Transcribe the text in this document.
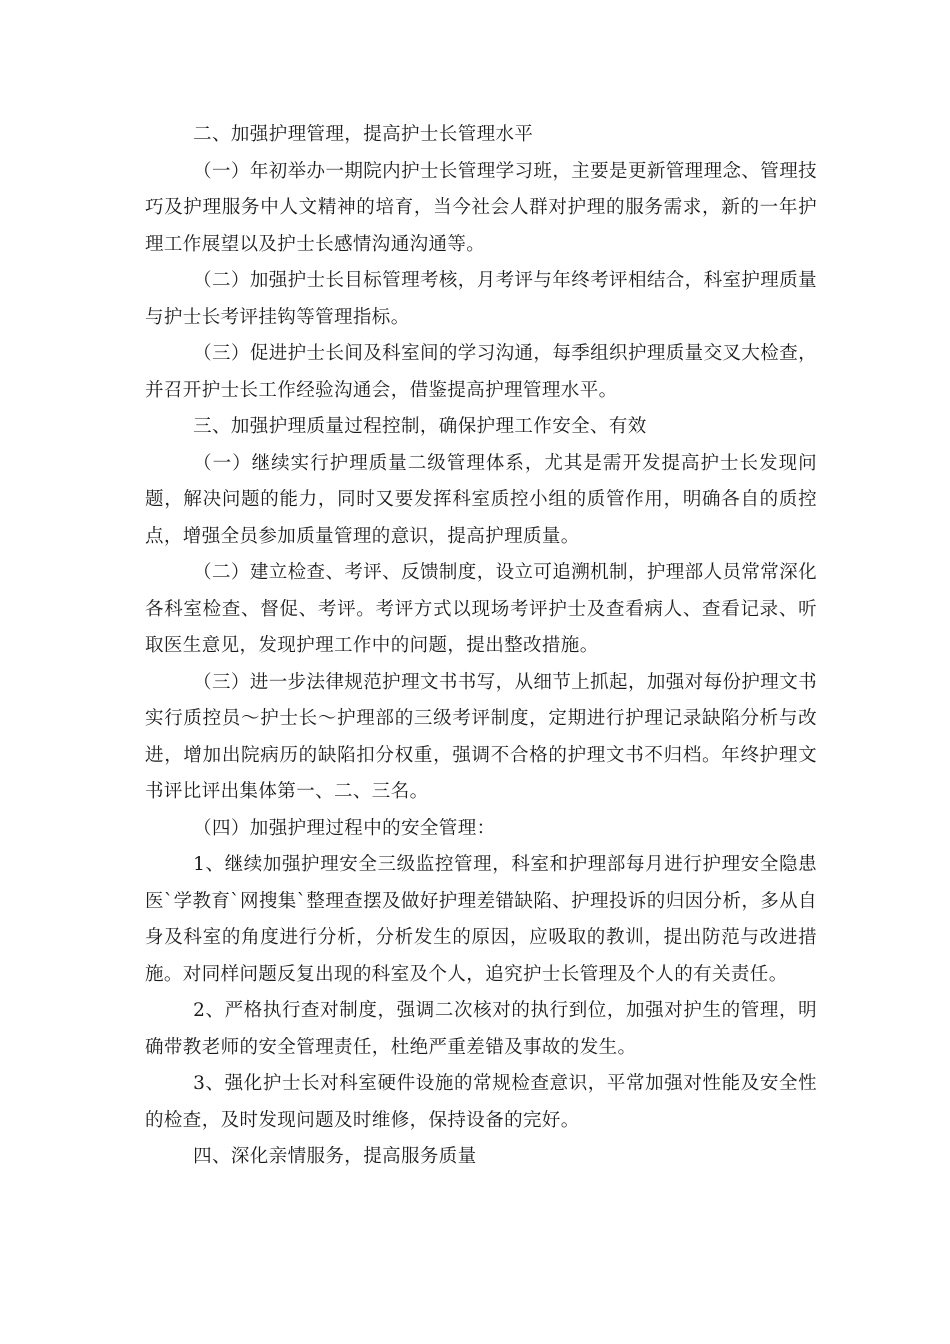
二、加强护理管理，提高护士长管理水平

（一）年初举办一期院内护士长管理学习班，主要是更新管理理念、管理技巧及护理服务中人文精神的培育，当今社会人群对护理的服务需求，新的一年护理工作展望以及护士长感情沟通沟通等。

（二）加强护士长目标管理考核，月考评与年终考评相结合，科室护理质量与护士长考评挂钩等管理指标。

（三）促进护士长间及科室间的学习沟通，每季组织护理质量交叉大检查，并召开护士长工作经验沟通会，借鉴提高护理管理水平。

三、加强护理质量过程控制，确保护理工作安全、有效

（一）继续实行护理质量二级管理体系，尤其是需开发提高护士长发现问题，解决问题的能力，同时又要发挥科室质控小组的质管作用，明确各自的质控点，增强全员参加质量管理的意识，提高护理质量。

（二）建立检查、考评、反馈制度，设立可追溯机制，护理部人员常常深化各科室检查、督促、考评。考评方式以现场考评护士及查看病人、查看记录、听取医生意见，发现护理工作中的问题，提出整改措施。

（三）进一步法律规范护理文书书写，从细节上抓起，加强对每份护理文书实行质控员～护士长～护理部的三级考评制度，定期进行护理记录缺陷分析与改进，增加出院病历的缺陷扣分权重，强调不合格的护理文书不归档。年终护理文书评比评出集体第一、二、三名。

（四）加强护理过程中的安全管理：

1、继续加强护理安全三级监控管理，科室和护理部每月进行护理安全隐患医`学教育`网搜集`整理查摆及做好护理差错缺陷、护理投诉的归因分析，多从自身及科室的角度进行分析，分析发生的原因，应吸取的教训，提出防范与改进措施。对同样问题反复出现的科室及个人，追究护士长管理及个人的有关责任。

2、严格执行查对制度，强调二次核对的执行到位，加强对护生的管理，明确带教老师的安全管理责任，杜绝严重差错及事故的发生。

3、强化护士长对科室硬件设施的常规检查意识，平常加强对性能及安全性的检查，及时发现问题及时维修，保持设备的完好。

四、深化亲情服务，提高服务质量
